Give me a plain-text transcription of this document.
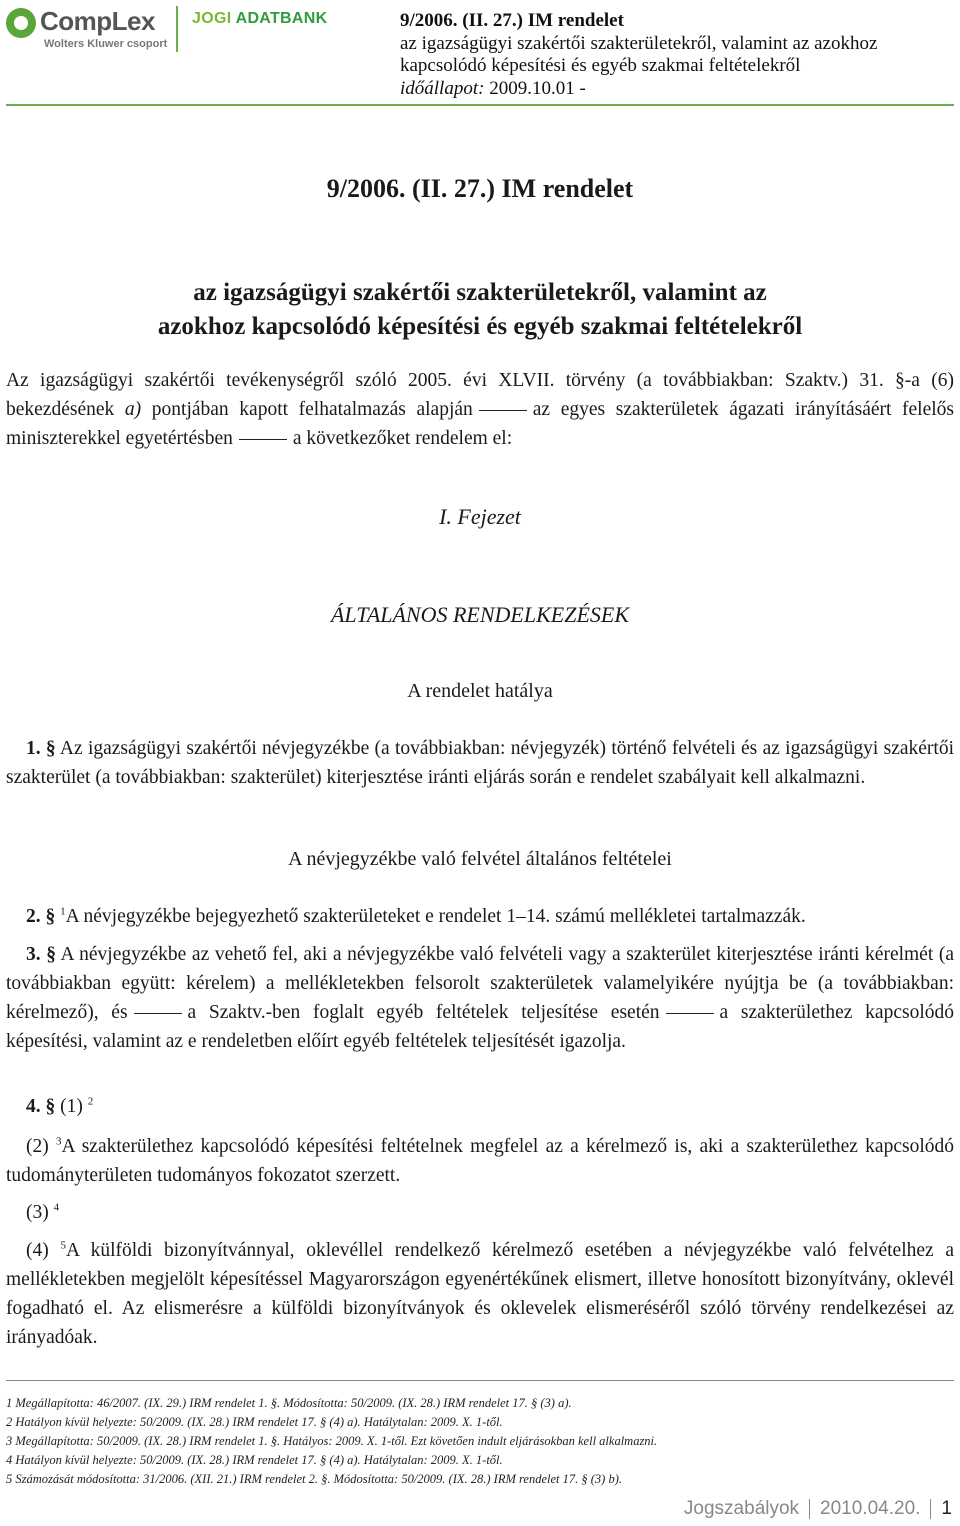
CompLex
Wolters Kluwer csoport
JOGI ADATBANK	9/2006. (II. 27.) IM rendelet
az igazságügyi szakértői szakterületekről, valamint az azokhoz
kapcsolódó képesítési és egyéb szakmai feltételekről
időállapot: 2009.10.01 -
9/2006. (II. 27.) IM rendelet
az igazságügyi szakértői szakterületekről, valamint az
azokhoz kapcsolódó képesítési és egyéb szakmai feltételekről
Az igazságügyi szakértői tevékenységről szóló 2005. évi XLVII. törvény (a továbbiakban: Szaktv.) 31. §-a (6) bekezdésének a) pontjában kapott felhatalmazás alapján	az egyes szakterületek ágazati irányításáért felelős miniszterekkel egyetértésben	a következőket rendelem el:
I. Fejezet
ÁLTALÁNOS RENDELKEZÉSEK
A rendelet hatálya
1. § Az igazságügyi szakértői névjegyzékbe (a továbbiakban: névjegyzék) történő felvételi és az igazságügyi szakértői szakterület (a továbbiakban: szakterület) kiterjesztése iránti eljárás során e rendelet szabályait kell alkalmazni.
A névjegyzékbe való felvétel általános feltételei
2. § $^1$A névjegyzékbe bejegyezhető szakterületeket e rendelet 1–14. számú mellékletei tartalmazzák.
3. § A névjegyzékbe az vehető fel, aki a névjegyzékbe való felvételi vagy a szakterület kiterjesztése iránti kérelmét (a továbbiakban együtt: kérelem) a mellékletekben felsorolt szakterületek valamelyikére nyújtja be (a továbbiakban: kérelmező), és	a Szaktv.-ben foglalt egyéb feltételek teljesítése esetén	a szakterülethez kapcsolódó képesítési, valamint az e rendeletben előírt egyéb feltételek teljesítését igazolja.
4. § (1) $^2$
(2) $^3$A szakterülethez kapcsolódó képesítési feltételnek megfelel az a kérelmező is, aki a szakterülethez kapcsolódó tudományterületen tudományos fokozatot szerzett.
(3) $^4$
(4) $^5$A külföldi bizonyítvánnyal, oklevéllel rendelkező kérelmező esetében a névjegyzékbe való felvételhez a mellékletekben megjelölt képesítéssel Magyarországon egyenértékűnek elismert, illetve honosított bizonyítvány, oklevél fogadható el. Az elismerésre a külföldi bizonyítványok és oklevelek elismeréséről szóló törvény rendelkezései az irányadóak.
1 Megállapította: 46/2007. (IX. 29.) IRM rendelet 1. §. Módosította: 50/2009. (IX. 28.) IRM rendelet 17. § (3) a).
2 Hatályon kívül helyezte: 50/2009. (IX. 28.) IRM rendelet 17. § (4) a). Hatálytalan: 2009. X. 1-től.
3 Megállapította: 50/2009. (IX. 28.) IRM rendelet 1. §. Hatályos: 2009. X. 1-től. Ezt követően indult eljárásokban kell alkalmazni.
4 Hatályon kívül helyezte: 50/2009. (IX. 28.) IRM rendelet 17. § (4) a). Hatálytalan: 2009. X. 1-től.
5 Számozását módosította: 31/2006. (XII. 21.) IRM rendelet 2. §. Módosította: 50/2009. (IX. 28.) IRM rendelet 17. § (3) b).
Jogszabályok 2010.04.20. 1
